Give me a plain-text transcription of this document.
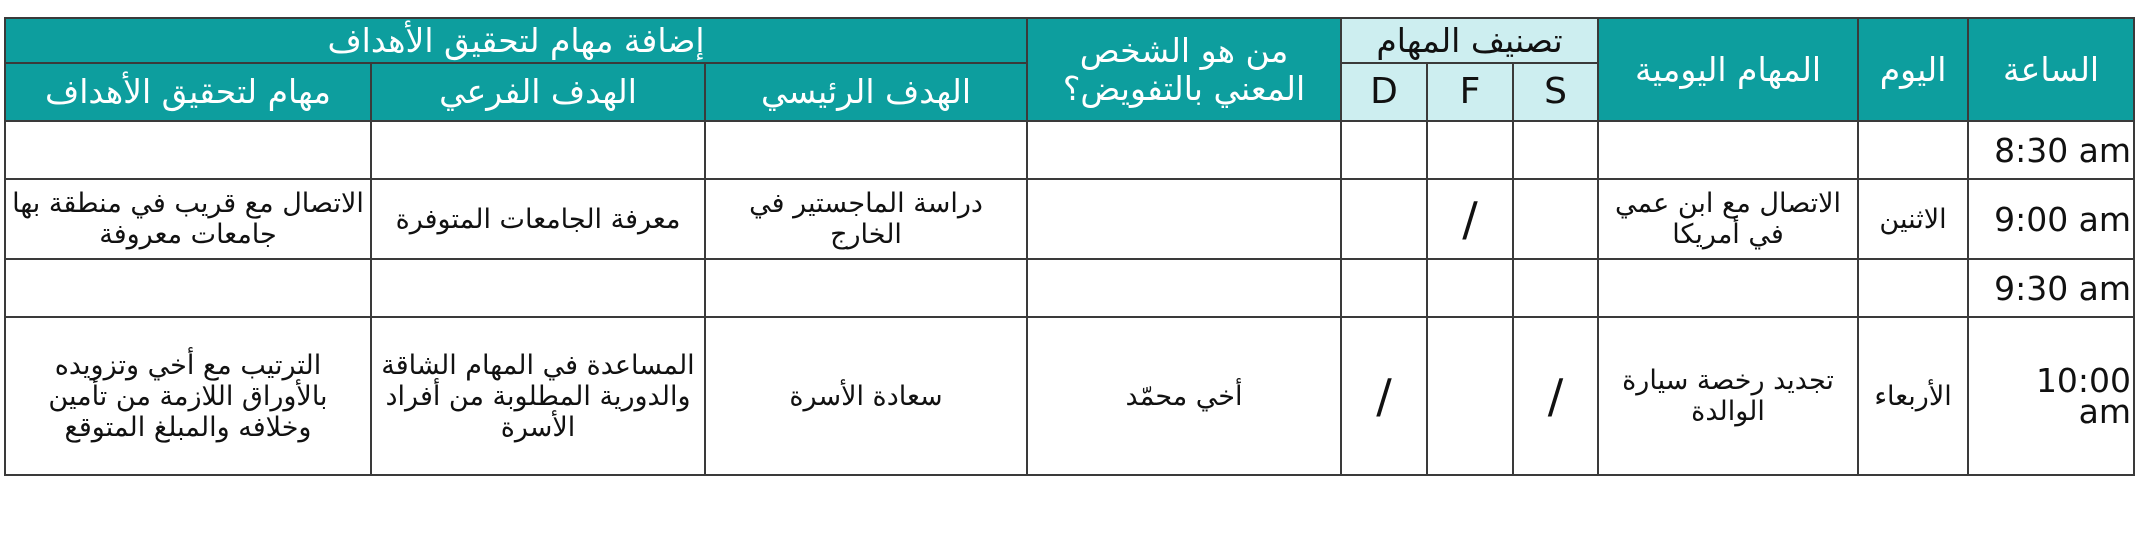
إضافة مهام لتحقيق الأهداف			من هو الشخص المعني بالتفويض؟	تصنيف المهام			المهام اليومية	اليوم	الساعة
مهام لتحقيق الأهداف	الهدف الفرعي	الهدف الرئيسي		D	F	S			
									8:30 am
الاتصال مع قريب في منطقة بها جامعات معروفة	معرفة الجامعات المتوفرة	دراسة الماجستير في الخارج			/		الاتصال مع ابن عمي في أمريكا	الاثنين	9:00 am
									9:30 am
الترتيب مع أخي وتزويده بالأوراق اللازمة من تأمين وخلافه والمبلغ المتوقع	المساعدة في المهام الشاقة والدورية المطلوبة من أفراد الأسرة	سعادة الأسرة	أخي محمّد	/		/	تجديد رخصة سيارة الوالدة	الأربعاء	10:00 am
